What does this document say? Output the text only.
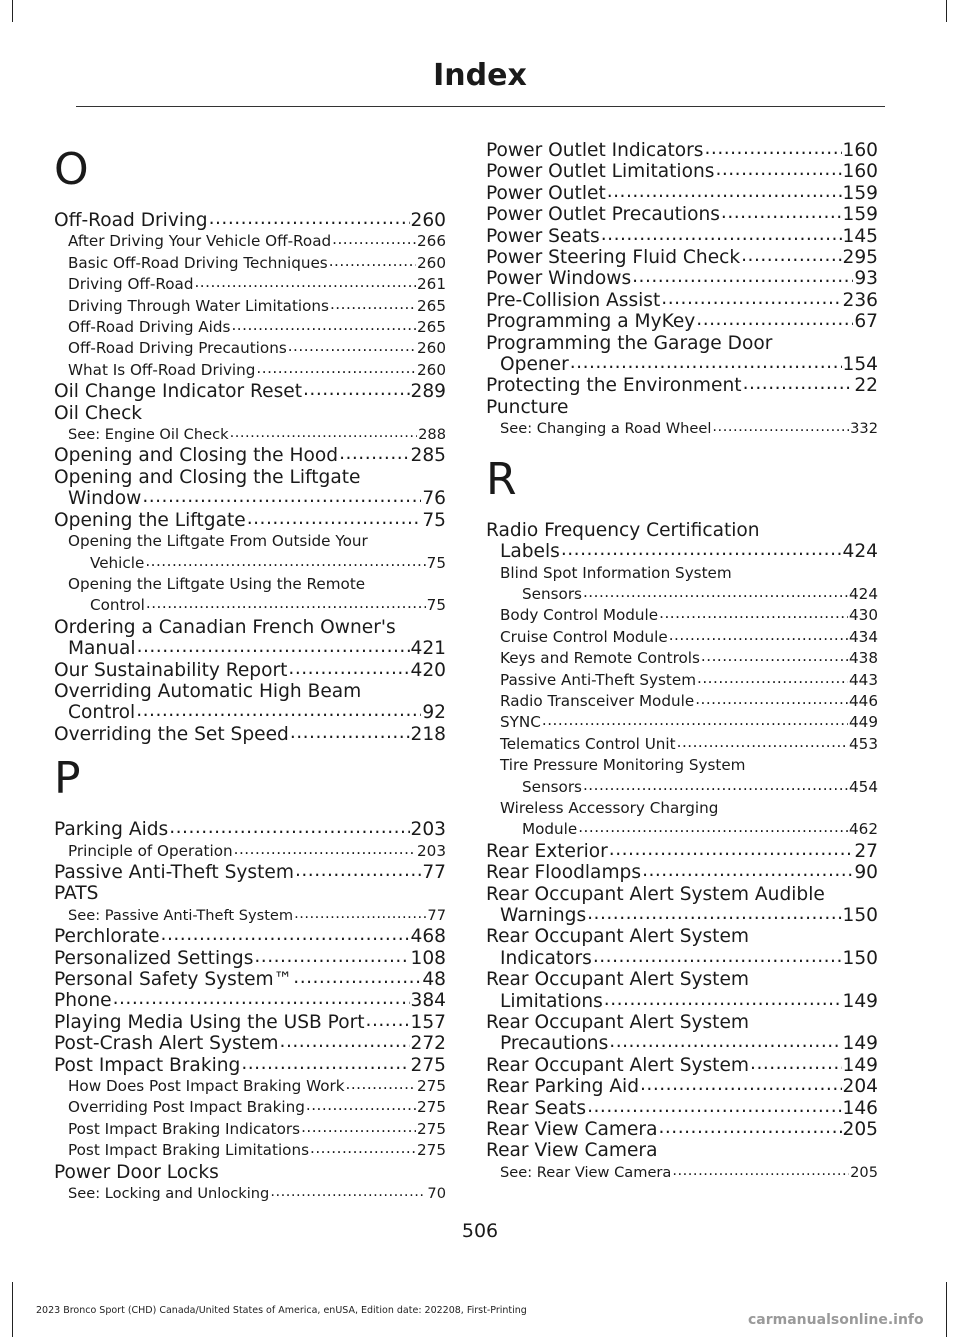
Index
O
Off-Road Driving .....	260
After Driving Your Vehicle Off-Road .....	266
Basic Off-Road Driving Techniques .....	260
Driving Off-Road .....	261
Driving Through Water Limitations .....	265
Off-Road Driving Aids .....	265
Off-Road Driving Precautions .....	260
What Is Off-Road Driving .....	260
Oil Change Indicator Reset .....	289
Oil Check
See: Engine Oil Check .....	288
Opening and Closing the Hood .....	285
Opening and Closing the Liftgate
Window .....	76
Opening the Liftgate .....	75
Opening the Liftgate From Outside Your
Vehicle .....	75
Opening the Liftgate Using the Remote
Control .....	75
Ordering a Canadian French Owner's
Manual .....	421
Our Sustainability Report .....	420
Overriding Automatic High Beam
Control .....	92
Overriding the Set Speed .....	218
P
Parking Aids .....	203
Principle of Operation .....	203
Passive Anti-Theft System .....	77
PATS
See: Passive Anti-Theft System .....	77
Perchlorate .....	468
Personalized Settings .....	108
Personal Safety System™ .....	48
Phone .....	384
Playing Media Using the USB Port ..... 157
Post-Crash Alert System .....	272
Post Impact Braking .....	275
How Does Post Impact Braking Work .....	275
Overriding Post Impact Braking .....	275
Post Impact Braking Indicators .....	275
Post Impact Braking Limitations .....	275
Power Door Locks
See: Locking and Unlocking .....	70
Power Outlet Indicators .....	160
Power Outlet Limitations .....	160
Power Outlet .....	159
Power Outlet Precautions .....	159
Power Seats .....	145
Power Steering Fluid Check .....	295
Power Windows .....	93
Pre-Collision Assist .....	236
Programming a MyKey .....	67
Programming the Garage Door
Opener .....	154
Protecting the Environment .....	22
Puncture
See: Changing a Road Wheel .....	332
R
Radio Frequency Certification
Labels .....	424
Blind Spot Information System
Sensors .....	424
Body Control Module .....	430
Cruise Control Module .....	434
Keys and Remote Controls .....	438
Passive Anti-Theft System .....	443
Radio Transceiver Module .....	446
SYNC .....	449
Telematics Control Unit .....	453
Tire Pressure Monitoring System
Sensors .....	454
Wireless Accessory Charging
Module .....	462
Rear Exterior .....	27
Rear Floodlamps .....	90
Rear Occupant Alert System Audible
Warnings .....	150
Rear Occupant Alert System
Indicators .....	150
Rear Occupant Alert System
Limitations .....	149
Rear Occupant Alert System
Precautions .....	149
Rear Occupant Alert System .....	149
Rear Parking Aid .....	204
Rear Seats .....	146
Rear View Camera .....	205
Rear View Camera
See: Rear View Camera .....	205
506
2023 Bronco Sport (CHD) Canada/United States of America, enUSA, Edition date: 202208, First-Printing
carmanualsonline.info
